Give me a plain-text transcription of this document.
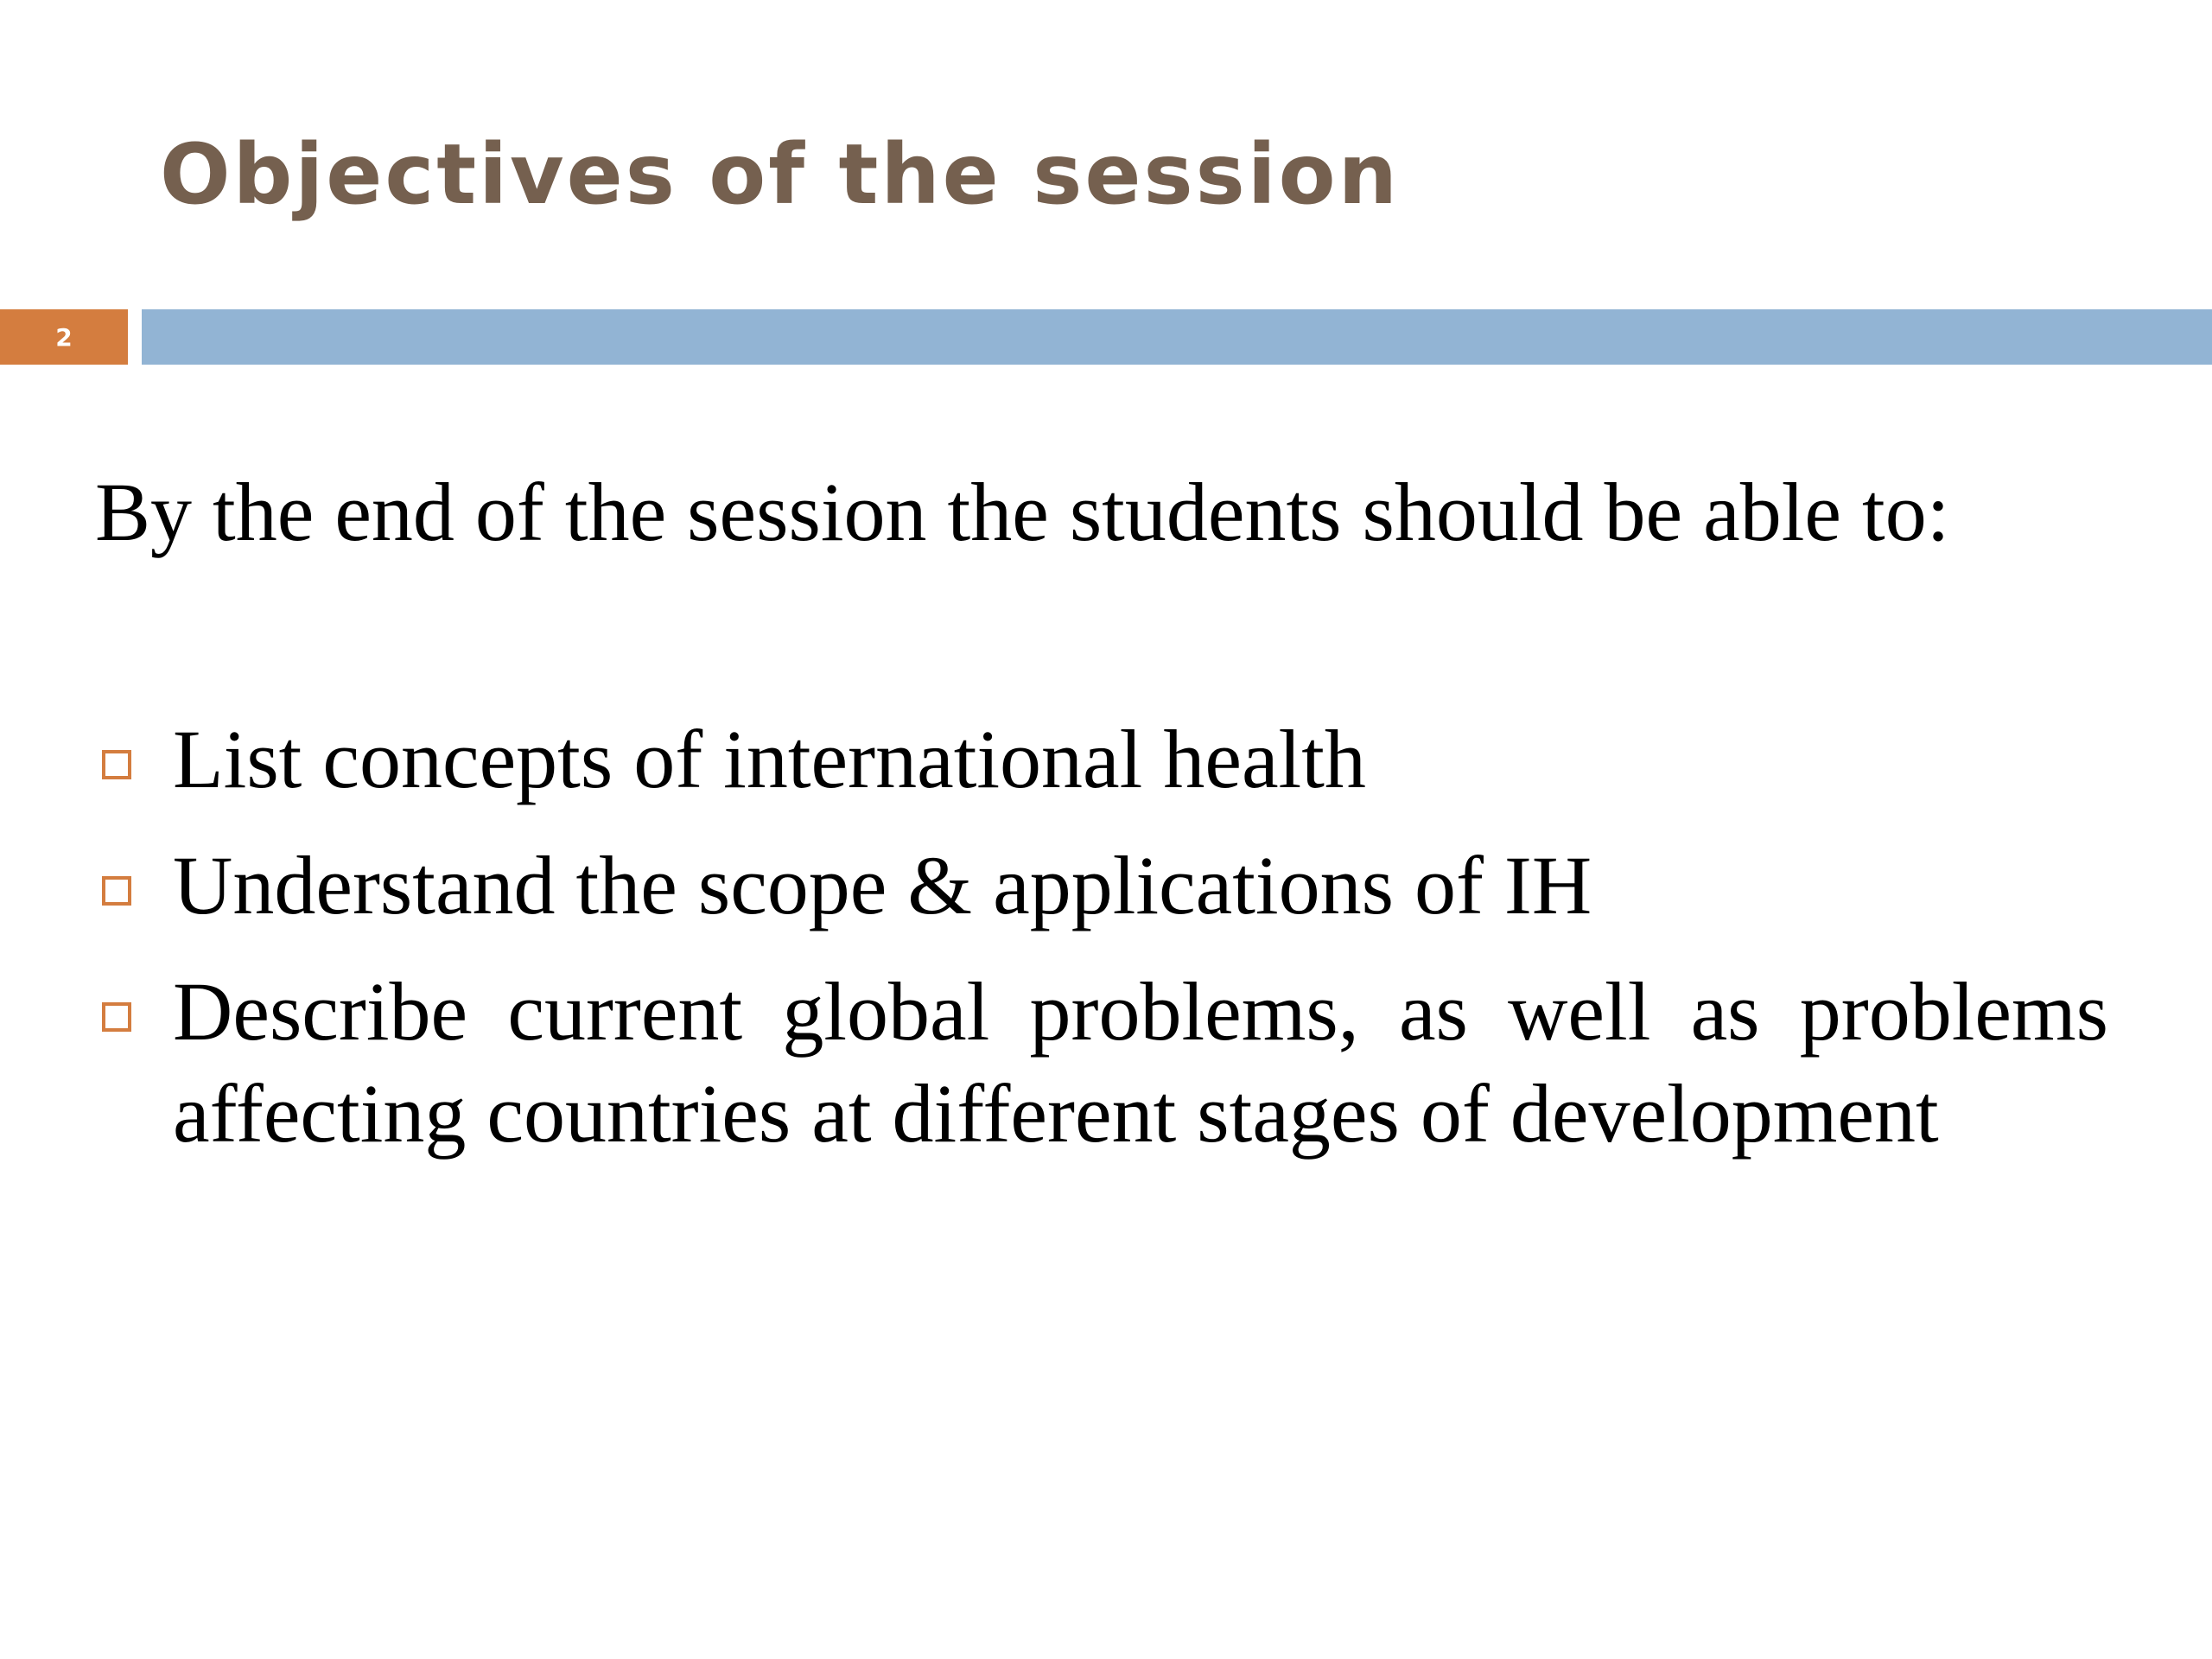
Objectives of the session
2

By the end of the session the students should be able to:

List concepts of international health
Understand the scope & applications of IH
Describe current global problems, as well as problems affecting countries at different stages of development
